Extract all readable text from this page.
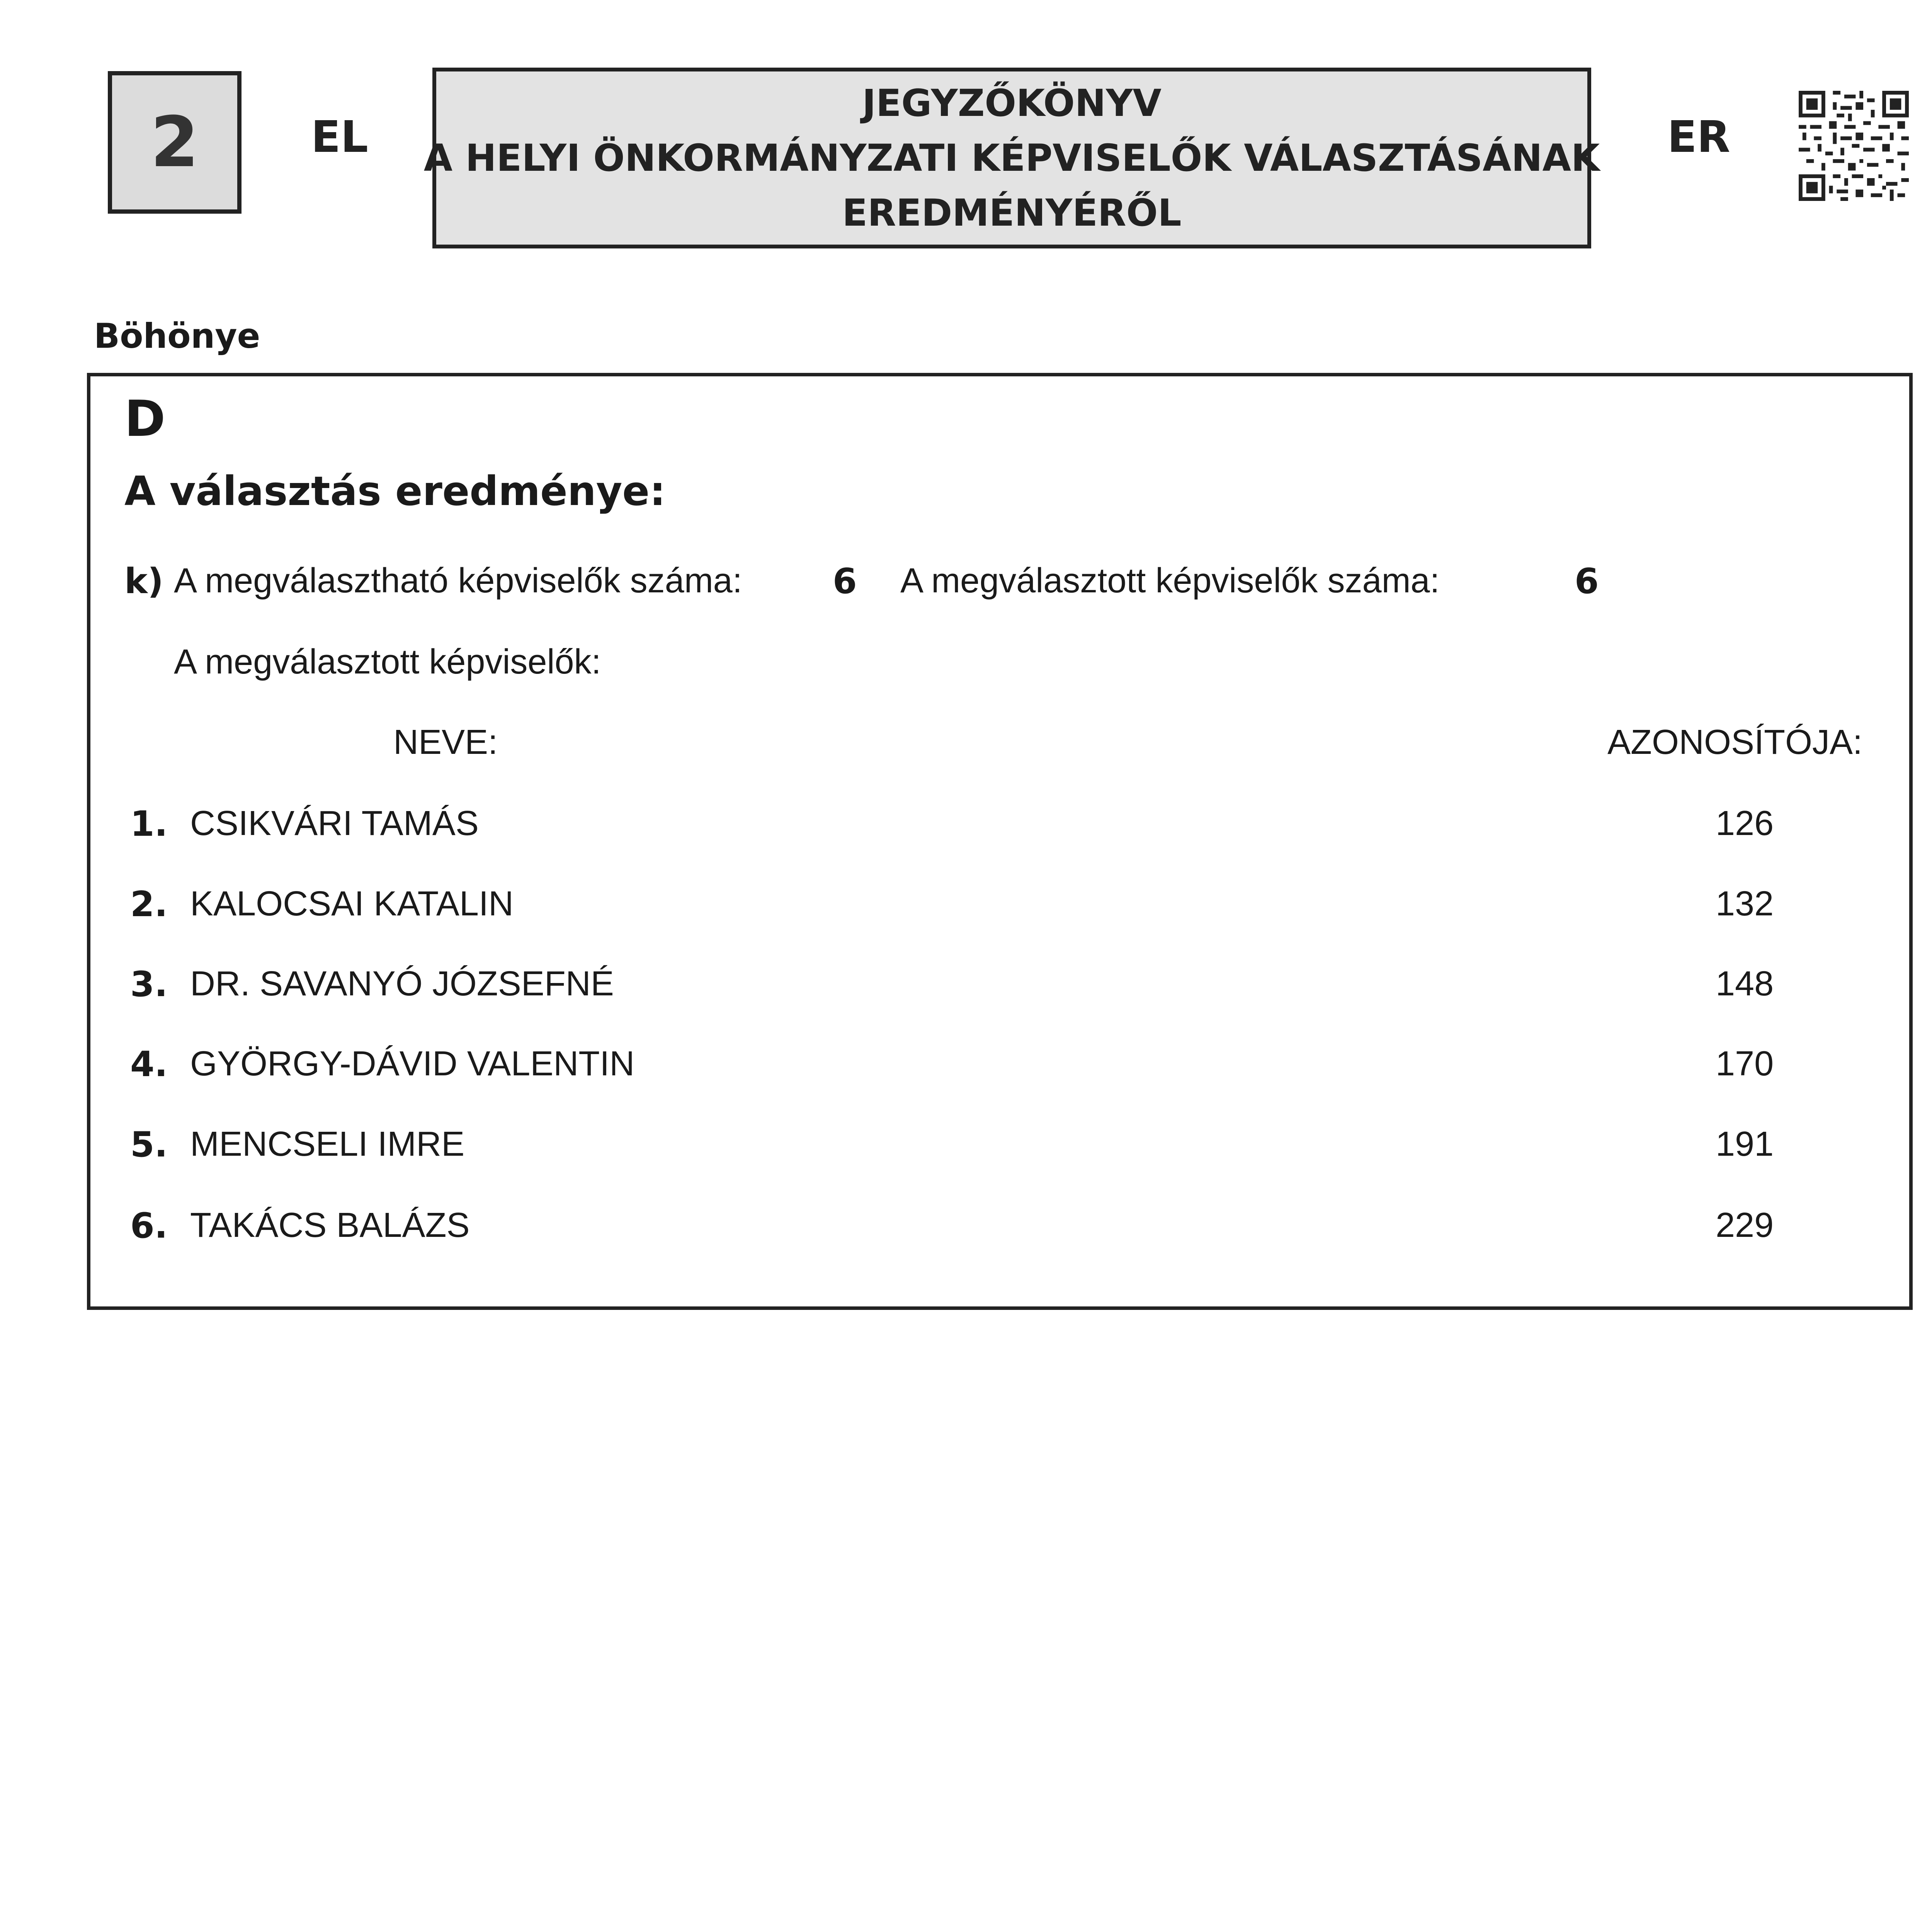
2	EL
JEGYZŐKÖNYV
A HELYI ÖNKORMÁNYZATI KÉPVISELŐK VÁLASZTÁSÁNAK
EREDMÉNYÉRŐL
ER
Böhönye
D
A választás eredménye:
k) A megválasztható képviselők száma:	6 A megválasztott képviselők száma:	6
A megválasztott képviselők:
NEVE:	AZONOSÍTÓJA:
1. CSIKVÁRI TAMÁS	126
2. KALOCSAI KATALIN	132
3. DR. SAVANYÓ JÓZSEFNÉ	148
4. GYÖRGY-DÁVID VALENTIN	170
5. MENCSELI IMRE	191
6. TAKÁCS BALÁZS	229
